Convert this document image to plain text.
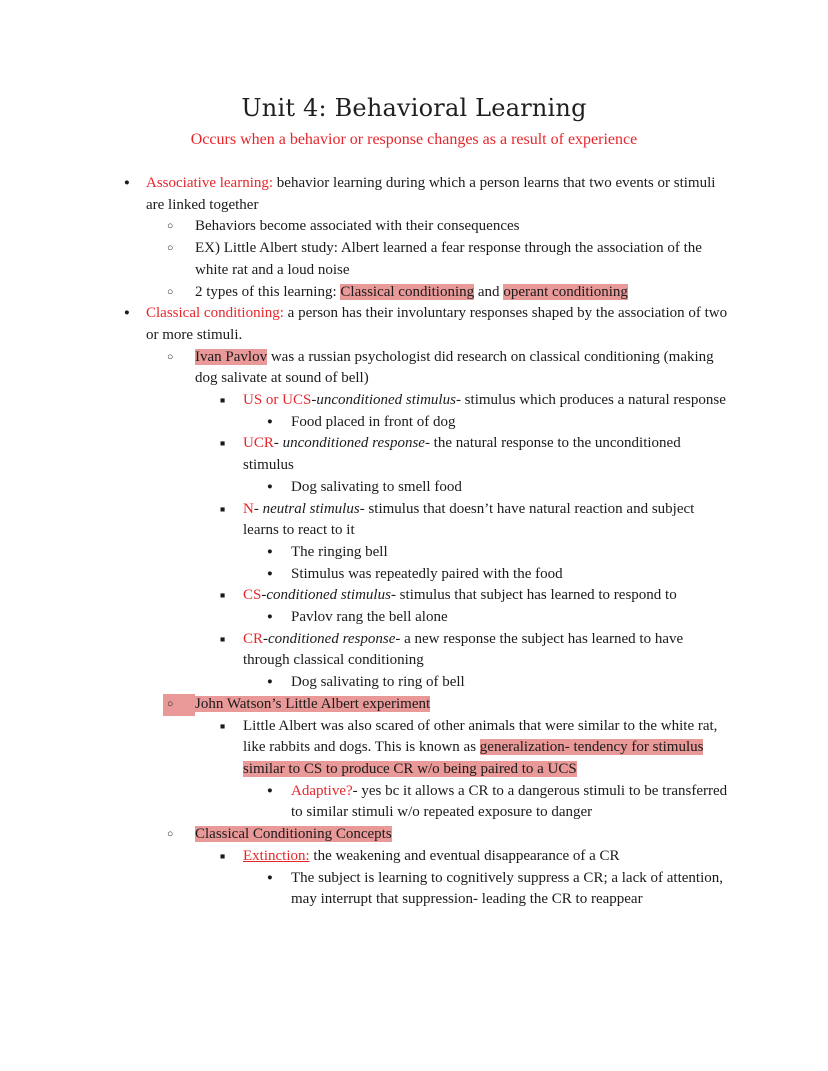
Unit 4: Behavioral Learning

Occurs when a behavior or response changes as a result of experience

● Associative learning: behavior learning during which a person learns that two events or stimuli are linked together
○ Behaviors become associated with their consequences
○ EX) Little Albert study: Albert learned a fear response through the association of the white rat and a loud noise
○ 2 types of this learning: Classical conditioning and operant conditioning
● Classical conditioning: a person has their involuntary responses shaped by the association of two or more stimuli.
○ Ivan Pavlov was a russian psychologist did research on classical conditioning (making dog salivate at sound of bell)
■ US or UCS-unconditioned stimulus- stimulus which produces a natural response
● Food placed in front of dog
■ UCR- unconditioned response- the natural response to the unconditioned stimulus
● Dog salivating to smell food
■ N- neutral stimulus- stimulus that doesn’t have natural reaction and subject learns to react to it
● The ringing bell
● Stimulus was repeatedly paired with the food
■ CS-conditioned stimulus- stimulus that subject has learned to respond to
● Pavlov rang the bell alone
■ CR-conditioned response- a new response the subject has learned to have through classical conditioning
● Dog salivating to ring of bell
○	John Watson’s Little Albert experiment
■ Little Albert was also scared of other animals that were similar to the white rat, like rabbits and dogs. This is known as generalization- tendency for stimulus similar to CS to produce CR w/o being paired to a UCS
● Adaptive?- yes bc it allows a CR to a dangerous stimuli to be transferred to similar stimuli w/o repeated exposure to danger
○ Classical Conditioning Concepts
■ Extinction: the weakening and eventual disappearance of a CR
● The subject is learning to cognitively suppress a CR; a lack of attention, may interrupt that suppression- leading the CR to reappear
